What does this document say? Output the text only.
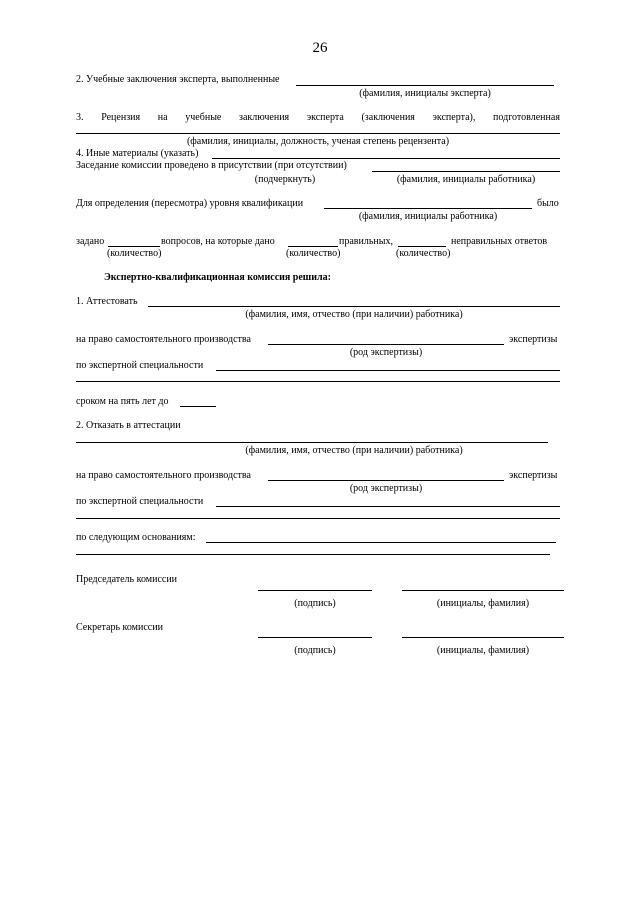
26
2. Учебные заключения эксперта, выполненные
(фамилия, инициалы эксперта)
3. Рецензия на учебные заключения эксперта (заключения эксперта), подготовленная
(фамилия, инициалы, должность, ученая степень рецензента)
4. Иные материалы (указать)
Заседание комиссии проведено в присутствии (при отсутствии)
(подчеркнуть)	(фамилия, инициалы работника)
Для определения (пересмотра) уровня квалификации	было
(фамилия, инициалы работника)
задано	вопросов, на которые дано	правильных,	неправильных ответов
(количество)	(количество)	(количество)
Экспертно-квалификационная комиссия решила:
1. Аттестовать
(фамилия, имя, отчество (при наличии) работника)
на право самостоятельного производства	экспертизы
(род экспертизы)
по экспертной специальности
сроком на пять лет до
2. Отказать в аттестации
(фамилия, имя, отчество (при наличии) работника)
на право самостоятельного производства	экспертизы
(род экспертизы)
по экспертной специальности
по следующим основаниям:
Председатель комиссии
(подпись)	(инициалы, фамилия)
Секретарь комиссии
(подпись)	(инициалы, фамилия)
